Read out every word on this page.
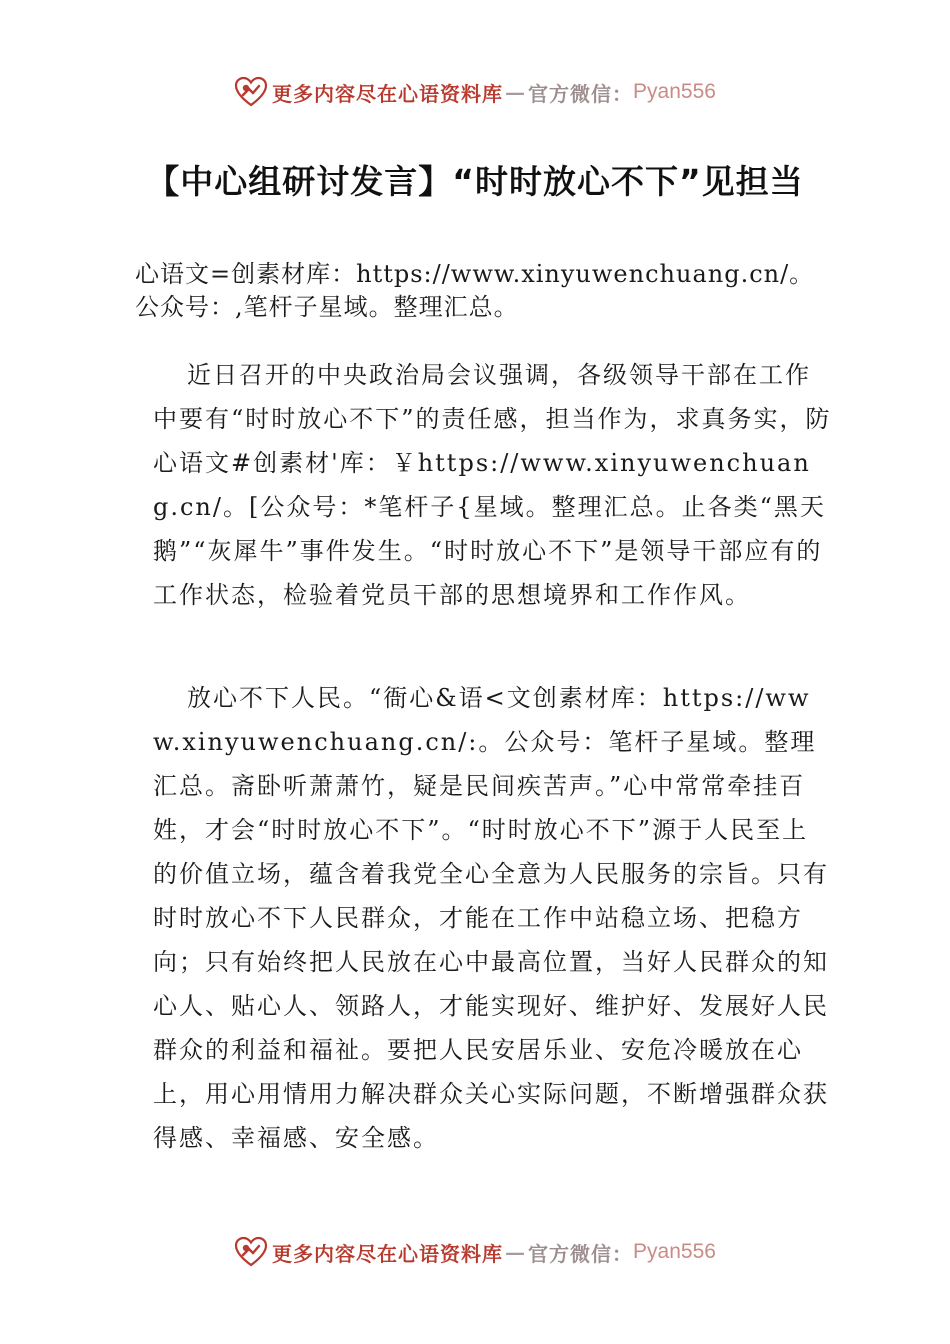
更多内容尽在心语资料库 — 官方微信： Pyan556
【中心组研讨发言】“时时放心不下”见担当

心语文=创素材库：https://www.xinyuwenchuang.cn/。公众号：,笔杆子星域。整理汇总。

近日召开的中央政治局会议强调，各级领导干部在工作中要有“时时放心不下”的责任感，担当作为，求真务实，防心语文#创素材'库：￥https://www.xinyuwenchuang.cn/。[公众号：*笔杆子{星域。整理汇总。止各类“黑天鹅”“灰犀牛”事件发生。“时时放心不下”是领导干部应有的工作状态，检验着党员干部的思想境界和工作作风。

放心不下人民。“衙心&语<文创素材库：https://www.xinyuwenchuang.cn/:。公众号：笔杆子星域。整理汇总。斋卧听萧萧竹，疑是民间疾苦声。”心中常常牵挂百姓，才会“时时放心不下”。“时时放心不下”源于人民至上的价值立场，蕴含着我党全心全意为人民服务的宗旨。只有时时放心不下人民群众，才能在工作中站稳立场、把稳方向；只有始终把人民放在心中最高位置，当好人民群众的知心人、贴心人、领路人，才能实现好、维护好、发展好人民群众的利益和福祉。要把人民安居乐业、安危冷暖放在心上，用心用情用力解决群众关心实际问题，不断增强群众获得感、幸福感、安全感。

更多内容尽在心语资料库 — 官方微信： Pyan556
